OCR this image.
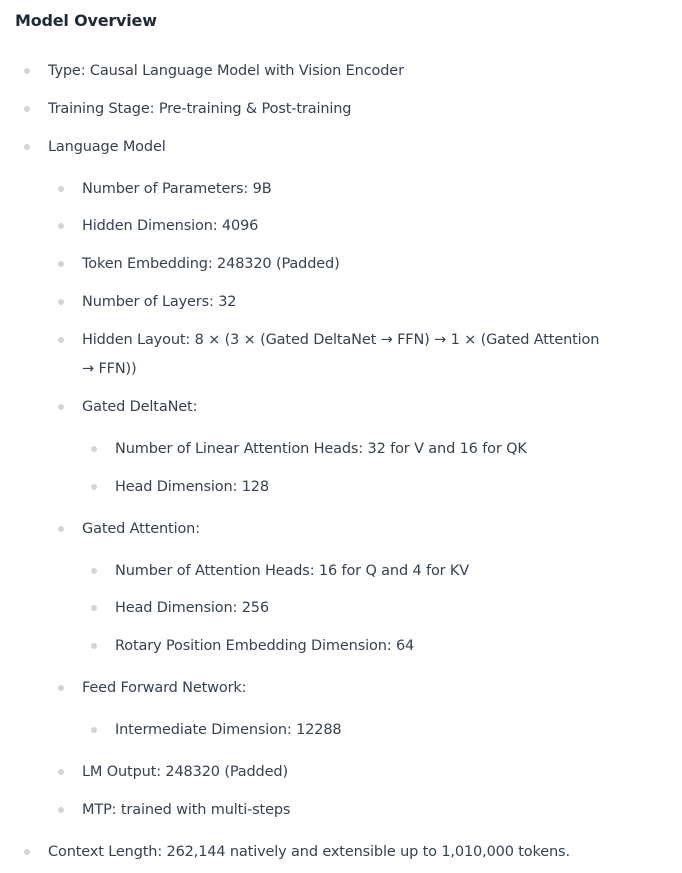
Model Overview
Type: Causal Language Model with Vision Encoder
Training Stage: Pre-training & Post-training
Language Model
Number of Parameters: 9B
Hidden Dimension: 4096
Token Embedding: 248320 (Padded)
Number of Layers: 32
Hidden Layout: 8 × (3 × (Gated DeltaNet → FFN) → 1 × (Gated Attention → FFN))
Gated DeltaNet:
Number of Linear Attention Heads: 32 for V and 16 for QK
Head Dimension: 128
Gated Attention:
Number of Attention Heads: 16 for Q and 4 for KV
Head Dimension: 256
Rotary Position Embedding Dimension: 64
Feed Forward Network:
Intermediate Dimension: 12288
LM Output: 248320 (Padded)
MTP: trained with multi-steps
Context Length: 262,144 natively and extensible up to 1,010,000 tokens.
